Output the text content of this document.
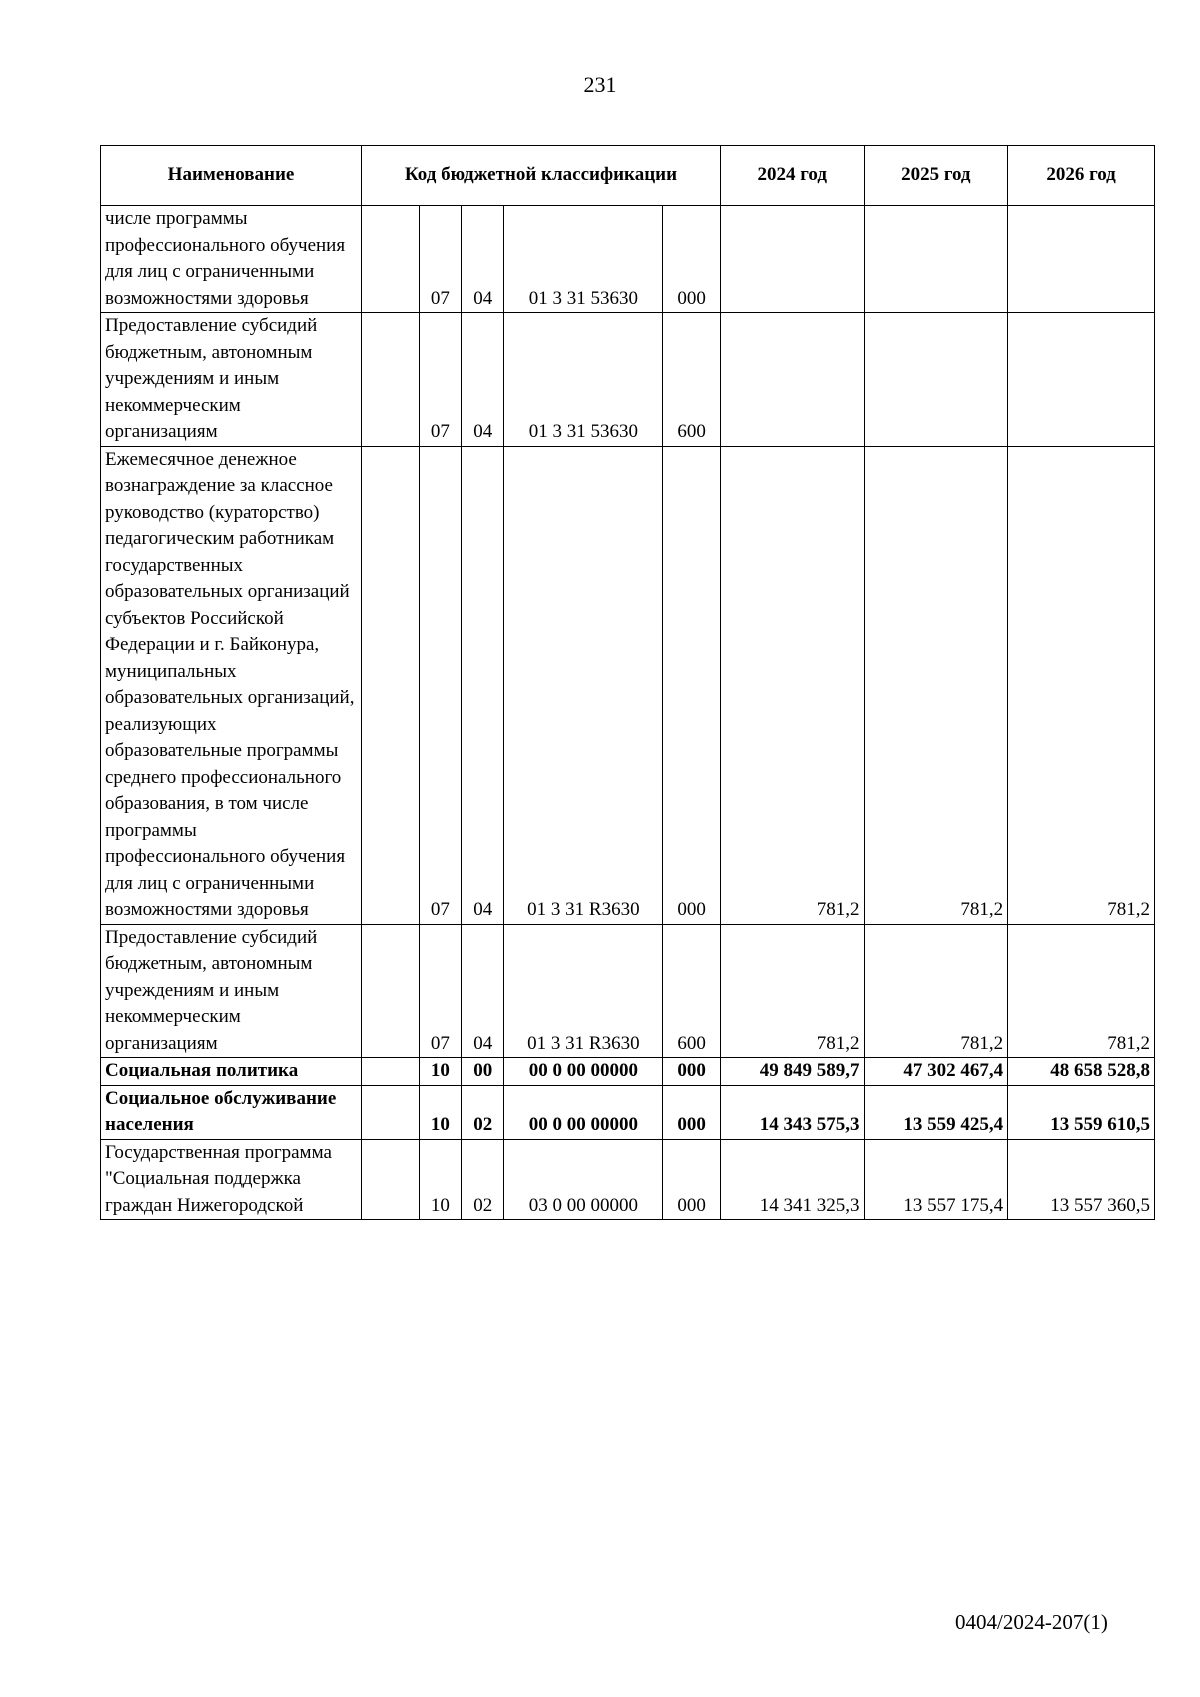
231
Наименование	Код бюджетной классификации					2024 год	2025 год	2026 год
числе программы профессионального обучения для лиц с ограниченными возможностями здоровья		07	04	01 3 31 53630	000			
Предоставление субсидий бюджетным, автономным учреждениям и иным некоммерческим организациям		07	04	01 3 31 53630	600			
Ежемесячное денежное вознаграждение за классное руководство (кураторство) педагогическим работникам государственных образовательных организаций субъектов Российской Федерации и г. Байконура, муниципальных образовательных организаций, реализующих образовательные программы среднего профессионального образования, в том числе программы профессионального обучения для лиц с ограниченными возможностями здоровья		07	04	01 3 31 R3630	000	781,2	781,2	781,2
Предоставление субсидий бюджетным, автономным учреждениям и иным некоммерческим организациям		07	04	01 3 31 R3630	600	781,2	781,2	781,2
Социальная политика		10	00	00 0 00 00000	000	49 849 589,7	47 302 467,4	48 658 528,8
Социальное обслуживание населения		10	02	00 0 00 00000	000	14 343 575,3	13 559 425,4	13 559 610,5
Государственная программа "Социальная поддержка граждан Нижегородской		10	02	03 0 00 00000	000	14 341 325,3	13 557 175,4	13 557 360,5
0404/2024-207(1)
